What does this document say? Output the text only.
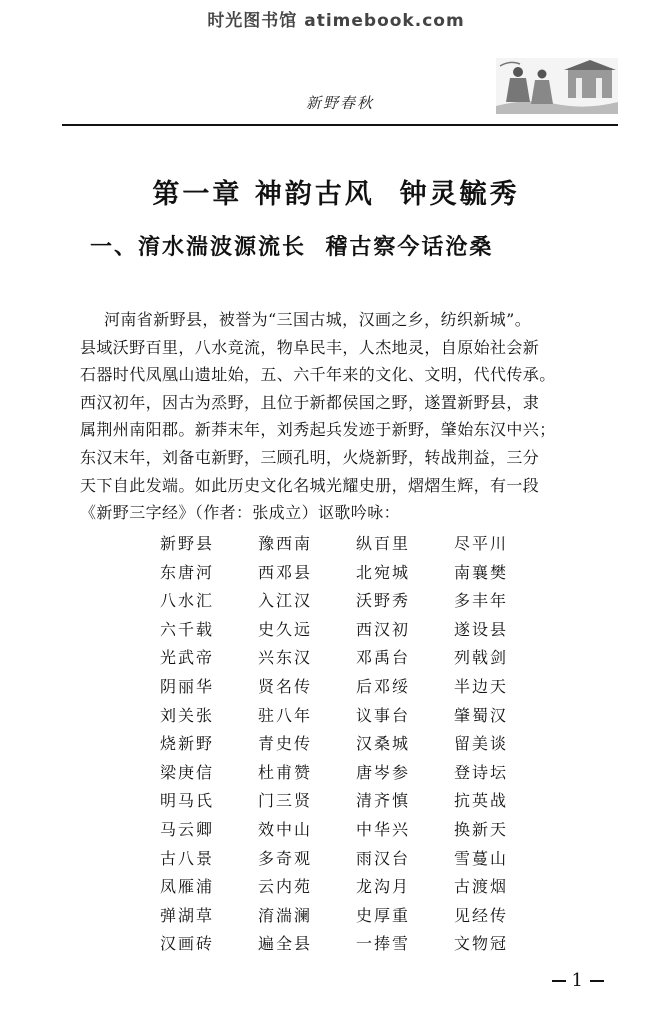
时光图书馆 atimebook.com
新野春秋
第一章 神韵古风  钟灵毓秀
一、淯水湍波源流长  稽古察今话沧桑
河南省新野县，被誉为“三国古城，汉画之乡，纺织新城”。
县域沃野百里，八水竞流，物阜民丰，人杰地灵，自原始社会新
石器时代凤凰山遗址始，五、六千年来的文化、文明，代代传承。
西汉初年，因古为烝野，且位于新都侯国之野，遂置新野县，隶
属荆州南阳郡。新莽末年，刘秀起兵发迹于新野，肇始东汉中兴；
东汉末年，刘备屯新野，三顾孔明，火烧新野，转战荆益，三分
天下自此发端。如此历史文化名城光耀史册，熠熠生辉，有一段
《新野三字经》（作者：张成立）讴歌吟咏：
新野县	豫西南	纵百里	尽平川
东唐河	西邓县	北宛城	南襄樊
八水汇	入江汉	沃野秀	多丰年
六千载	史久远	西汉初	遂设县
光武帝	兴东汉	邓禹台	列戟剑
阴丽华	贤名传	后邓绥	半边天
刘关张	驻八年	议事台	肇蜀汉
烧新野	青史传	汉桑城	留美谈
梁庚信	杜甫赞	唐岑参	登诗坛
明马氏	门三贤	清齐慎	抗英战
马云卿	效中山	中华兴	换新天
古八景	多奇观	雨汉台	雪蔓山
凤雁浦	云内苑	龙沟月	古渡烟
弹湖草	淯湍澜	史厚重	见经传
汉画砖	遍全县	一捧雪	文物冠
1
